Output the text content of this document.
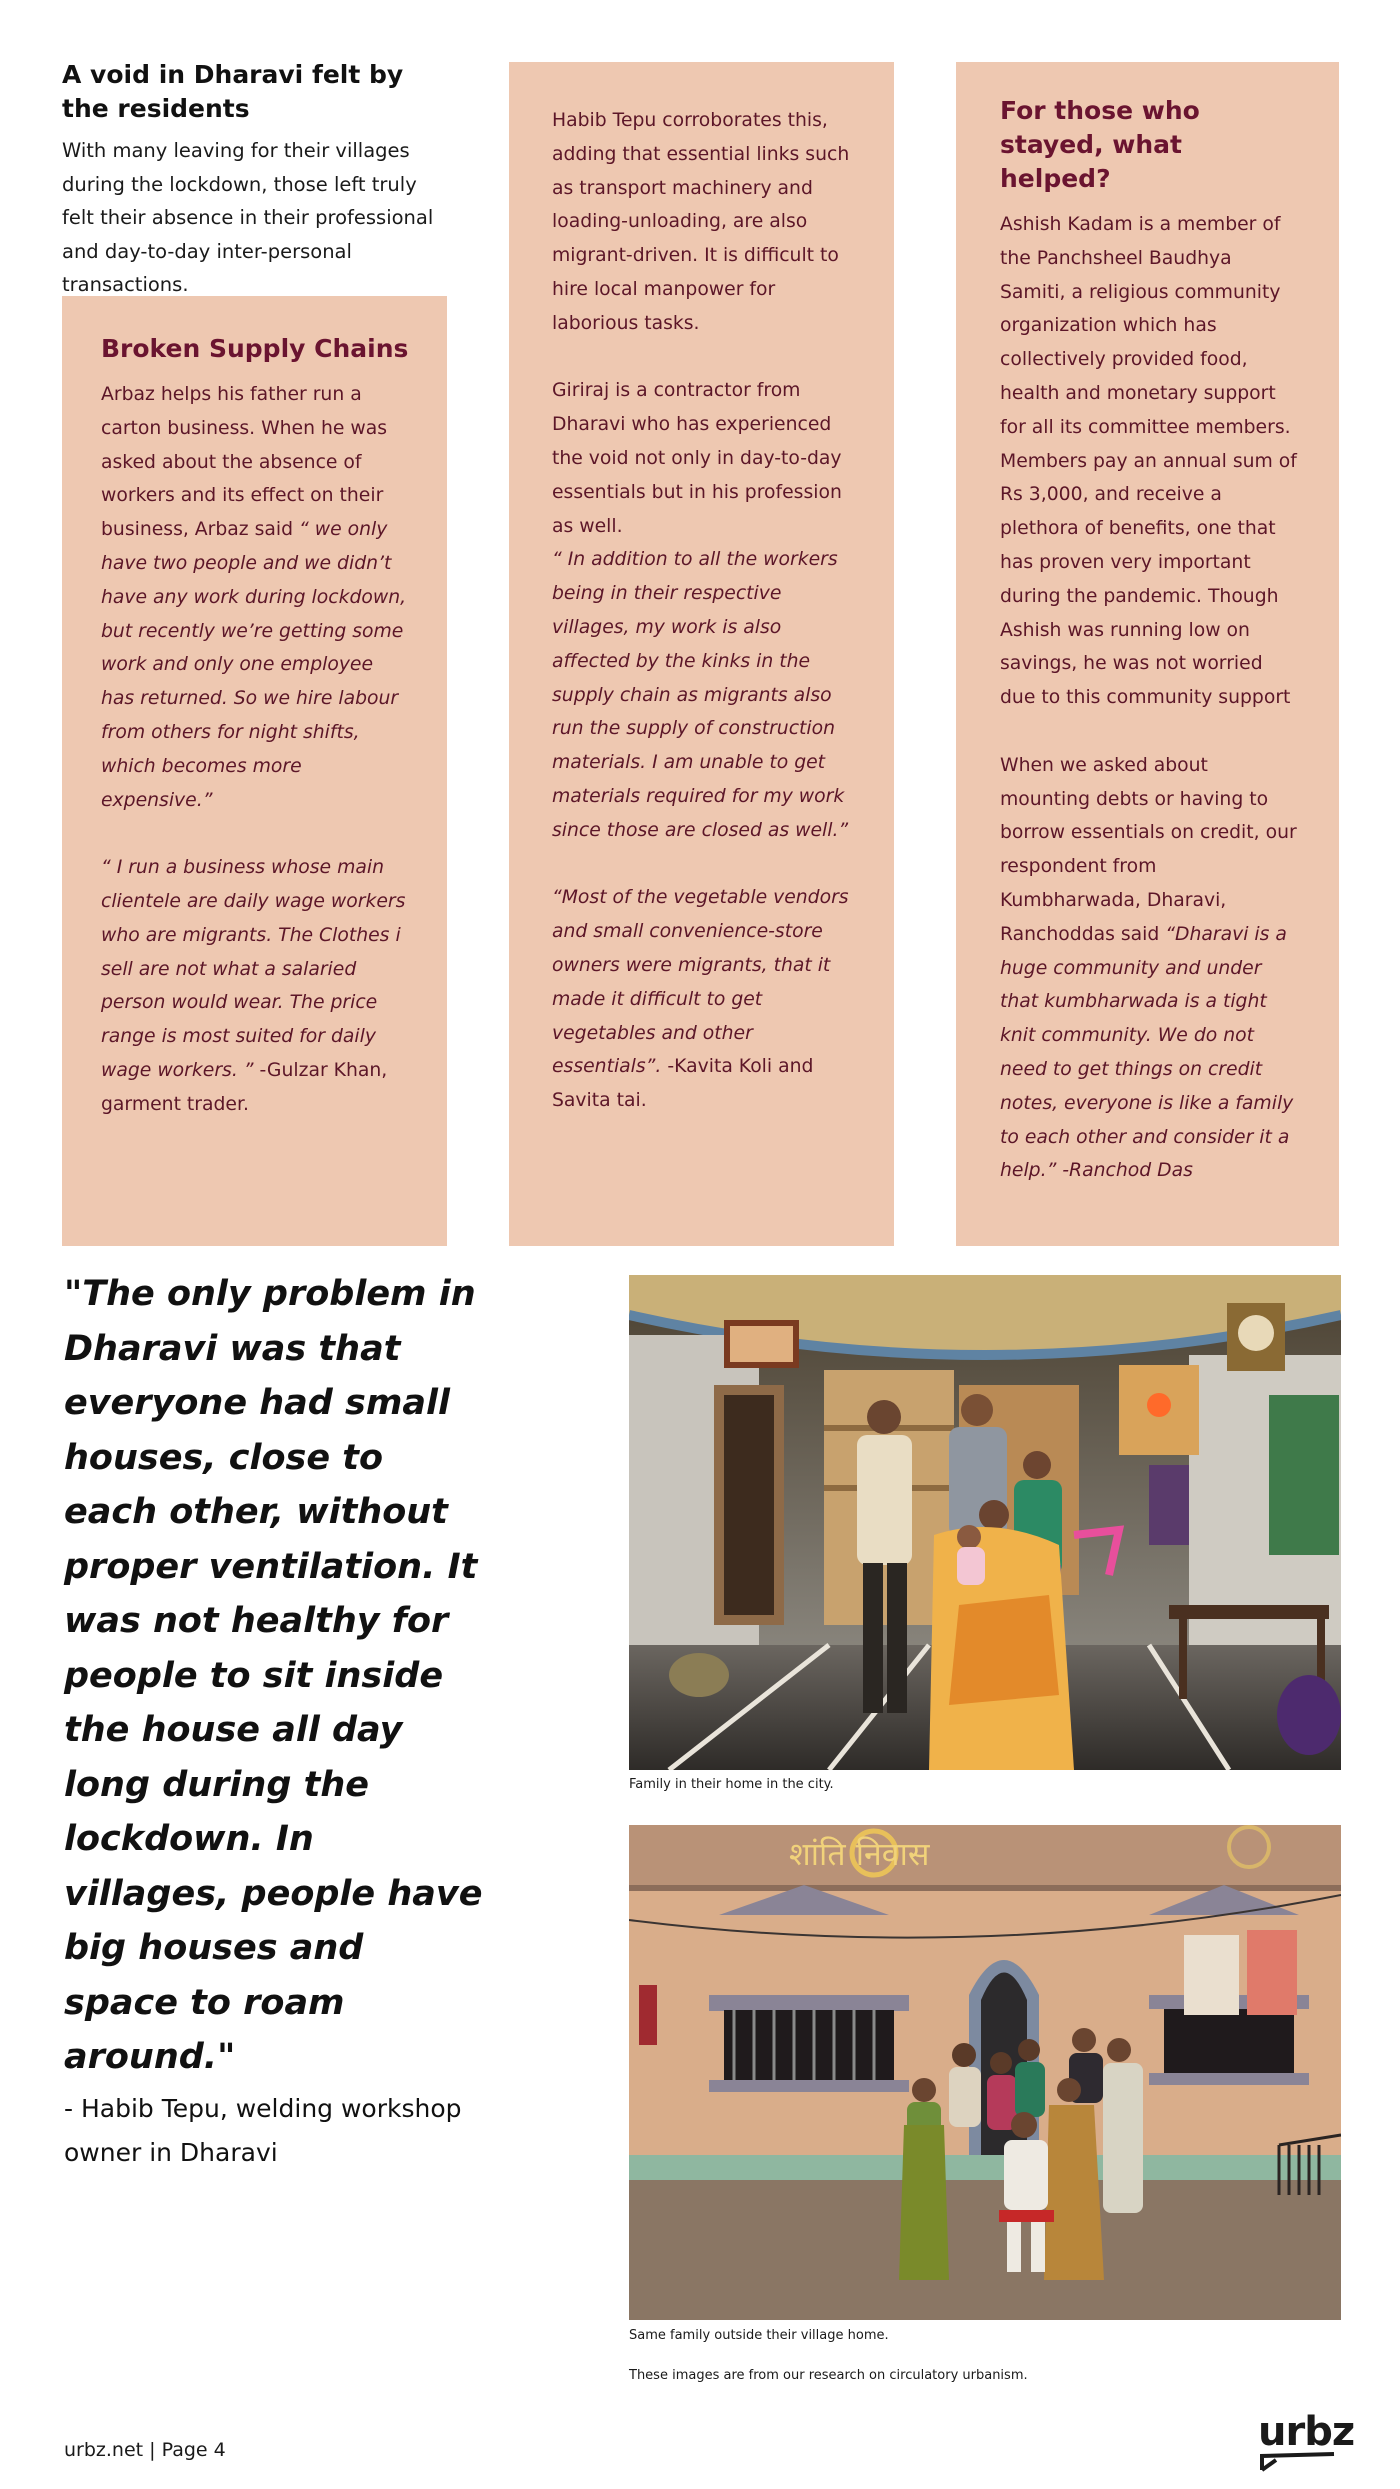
A void in Dharavi felt by the residents

With many leaving for their villages during the lockdown, those left truly felt their absence in their professional and day-to-day inter-personal transactions.

Broken Supply Chains

Arbaz helps his father run a carton business. When he was asked about the absence of workers and its effect on their business, Arbaz said “ we only have two people and we didn’t have any work during lockdown, but recently we’re getting some work and only one employee has returned. So we hire labour from others for night shifts, which becomes more expensive.”

“ I run a business whose main clientele are daily wage workers who are migrants. The Clothes i sell are not what a salaried person would wear. The price range is most suited for daily wage workers. ” -Gulzar Khan, garment trader.

Habib Tepu corroborates this, adding that essential links such as transport machinery and loading-unloading, are also migrant-driven. It is difficult to hire local manpower for laborious tasks.

Giriraj is a contractor from Dharavi who has experienced the void not only in day-to-day essentials but in his profession as well.

“ In addition to all the workers being in their respective villages, my work is also affected by the kinks in the supply chain as migrants also run the supply of construction materials. I am unable to get materials required for my work since those are closed as well.”

“Most of the vegetable vendors and small convenience-store owners were migrants, that it made it difficult to get vegetables and other essentials”. -Kavita Koli and Savita tai.

For those who stayed, what helped?

Ashish Kadam is a member of the Panchsheel Baudhya Samiti, a religious community organization which has collectively provided food, health and monetary support for all its committee members. Members pay an annual sum of Rs 3,000, and receive a plethora of benefits, one that has proven very important during the pandemic. Though Ashish was running low on savings, he was not worried due to this community support

When we asked about mounting debts or having to borrow essentials on credit, our respondent from Kumbharwada, Dharavi, Ranchoddas said “Dharavi is a huge community and under that kumbharwada is a tight knit community. We do not need to get things on credit notes, everyone is like a family to each other and consider it a help.” -Ranchod Das

"The only problem in Dharavi was that everyone had small houses, close to each other, without proper ventilation. It was not healthy for people to sit inside the house all day long during the lockdown. In villages, people have big houses and space to roam around."

- Habib Tepu, welding workshop owner in Dharavi

Family in their home in the city.
शांति निवास
Same family outside their village home.
These images are from our research on circulatory urbanism.
urbz.net | Page 4	urbz
